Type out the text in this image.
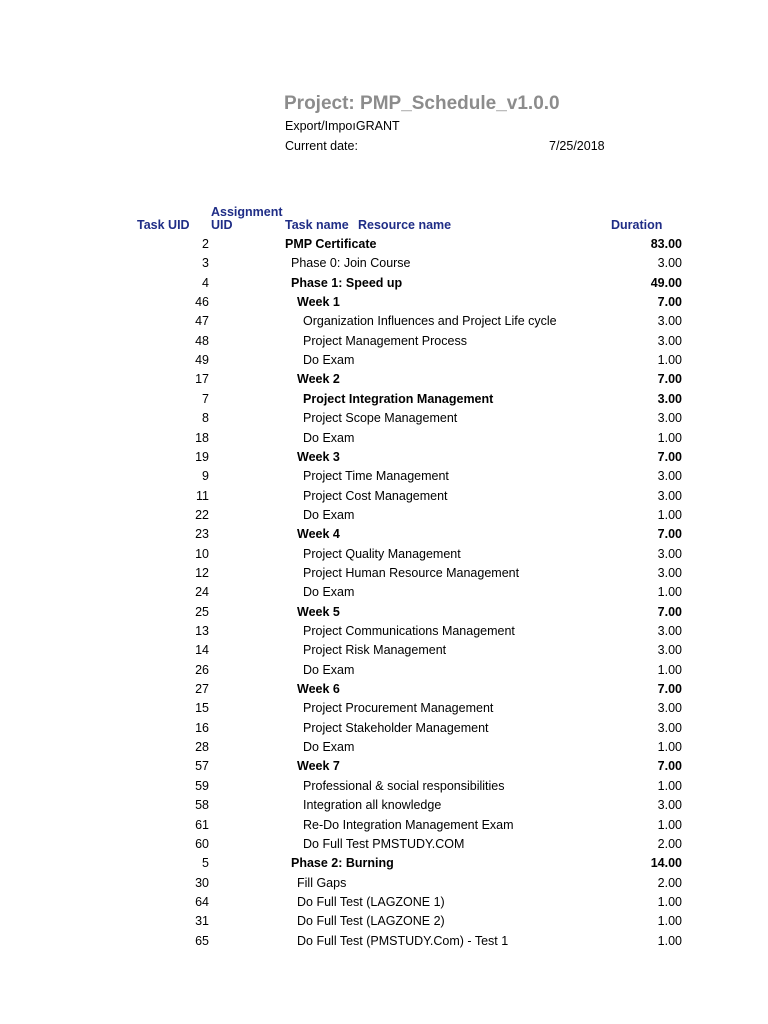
Project: PMP_Schedule_v1.0.0
Export/ImpoıGRANT
Current date:	7/25/2018
Task UID
Assignment
UID	Task name Resource name	Duration
2	PMP Certificate	83.00
3	Phase 0: Join Course	3.00
4	Phase 1: Speed up	49.00
46	Week 1	7.00
47	Organization Influences and Project Life cycle	3.00
48	Project Management Process	3.00
49	Do Exam	1.00
17	Week 2	7.00
7	Project Integration Management	3.00
8	Project Scope Management	3.00
18	Do Exam	1.00
19	Week 3	7.00
9	Project Time Management	3.00
11	Project Cost Management	3.00
22	Do Exam	1.00
23	Week 4	7.00
10	Project Quality Management	3.00
12	Project Human Resource Management	3.00
24	Do Exam	1.00
25	Week 5	7.00
13	Project Communications Management	3.00
14	Project Risk Management	3.00
26	Do Exam	1.00
27	Week 6	7.00
15	Project Procurement Management	3.00
16	Project Stakeholder Management	3.00
28	Do Exam	1.00
57	Week 7	7.00
59	Professional & social responsibilities	1.00
58	Integration all knowledge	3.00
61	Re-Do Integration Management Exam	1.00
60	Do Full Test PMSTUDY.COM	2.00
5	Phase 2: Burning	14.00
30	Fill Gaps	2.00
64	Do Full Test (LAGZONE 1)	1.00
31	Do Full Test (LAGZONE 2)	1.00
65	Do Full Test (PMSTUDY.Com) - Test 1	1.00
